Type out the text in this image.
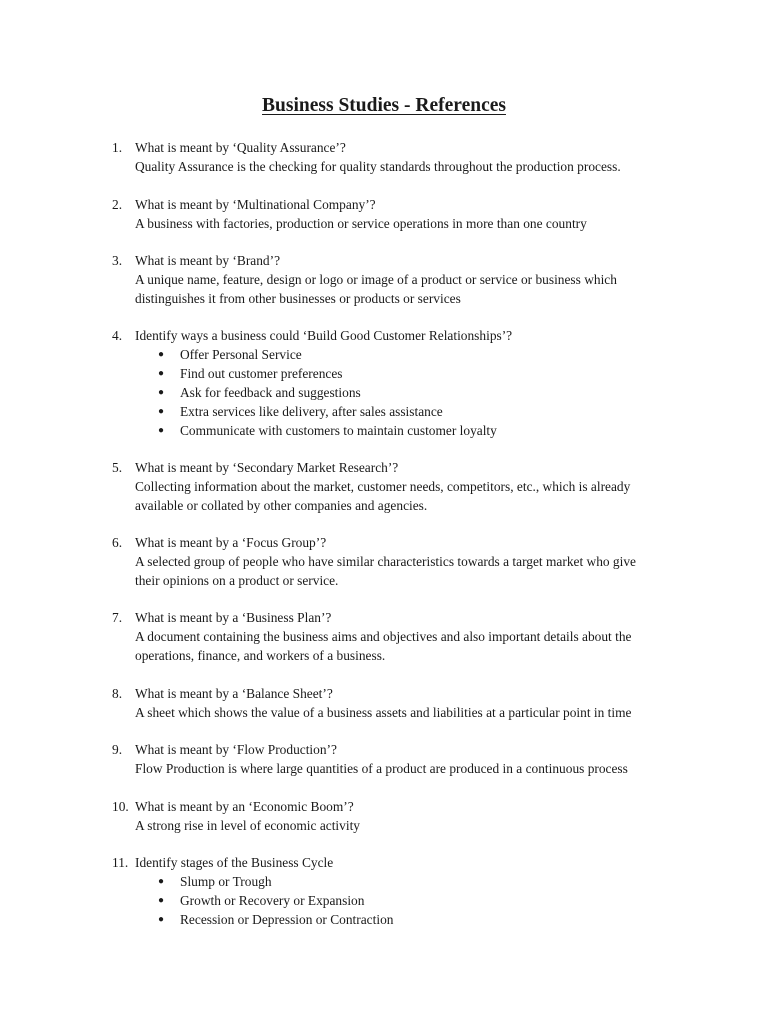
Business Studies - References
1. What is meant by ‘Quality Assurance’?
Quality Assurance is the checking for quality standards throughout the production process.
2. What is meant by ‘Multinational Company’?
A business with factories, production or service operations in more than one country
3. What is meant by ‘Brand’?
A unique name, feature, design or logo or image of a product or service or business which
distinguishes it from other businesses or products or services
4. Identify ways a business could ‘Build Good Customer Relationships’?
● Offer Personal Service
● Find out customer preferences
● Ask for feedback and suggestions
● Extra services like delivery, after sales assistance
● Communicate with customers to maintain customer loyalty
5. What is meant by ‘Secondary Market Research’?
Collecting information about the market, customer needs, competitors, etc., which is already
available or collated by other companies and agencies.
6. What is meant by a ‘Focus Group’?
A selected group of people who have similar characteristics towards a target market who give
their opinions on a product or service.
7. What is meant by a ‘Business Plan’?
A document containing the business aims and objectives and also important details about the
operations, finance, and workers of a business.
8. What is meant by a ‘Balance Sheet’?
A sheet which shows the value of a business assets and liabilities at a particular point in time
9. What is meant by ‘Flow Production’?
Flow Production is where large quantities of a product are produced in a continuous process
10. What is meant by an ‘Economic Boom’?
A strong rise in level of economic activity
11. Identify stages of the Business Cycle
● Slump or Trough
● Growth or Recovery or Expansion
● Recession or Depression or Contraction
